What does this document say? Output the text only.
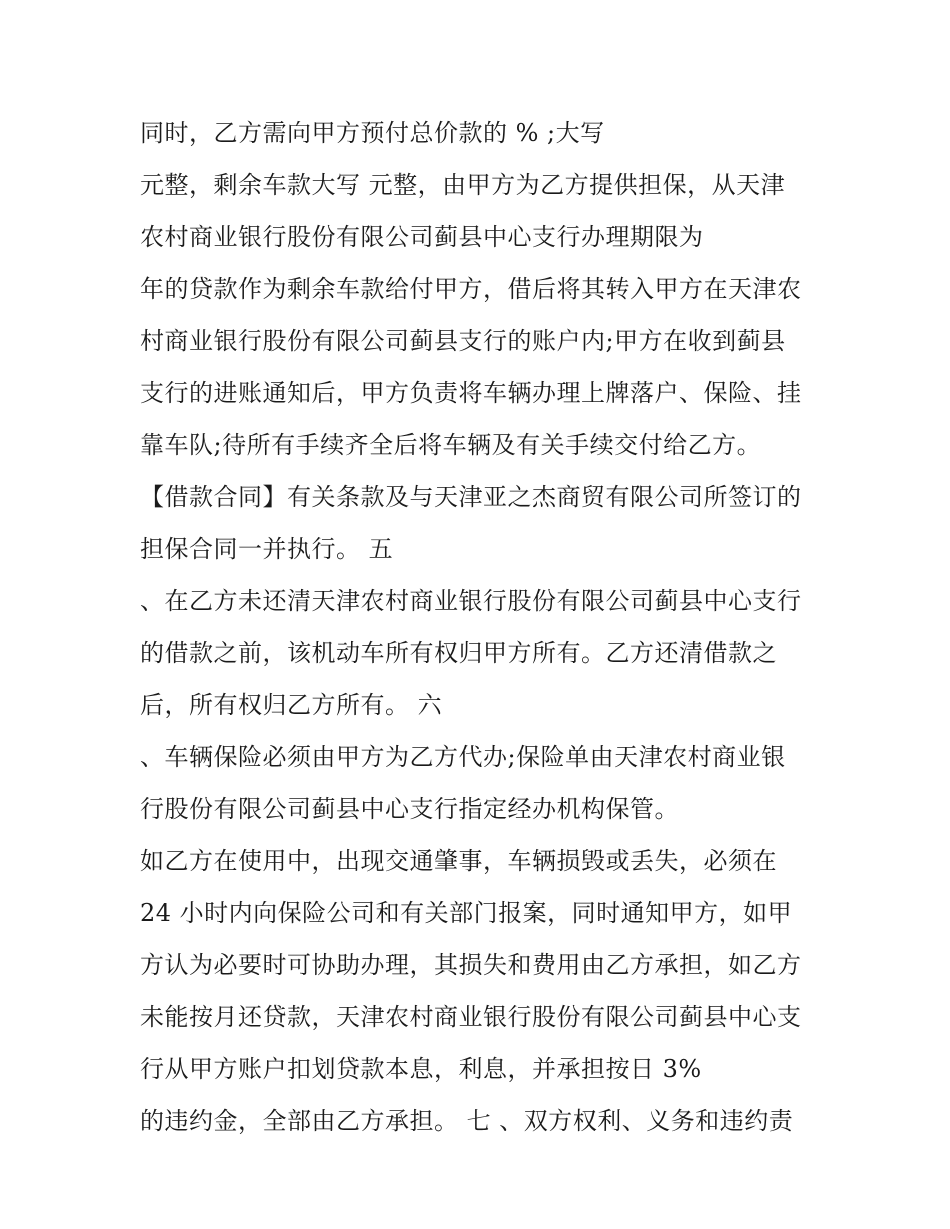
同时，乙方需向甲方预付总价款的 % ;大写
元整，剩余车款大写 元整，由甲方为乙方提供担保，从天津
农村商业银行股份有限公司蓟县中心支行办理期限为
年的贷款作为剩余车款给付甲方，借后将其转入甲方在天津农
村商业银行股份有限公司蓟县支行的账户内;甲方在收到蓟县
支行的进账通知后，甲方负责将车辆办理上牌落户、保险、挂
靠车队;待所有手续齐全后将车辆及有关手续交付给乙方。
【借款合同】有关条款及与天津亚之杰商贸有限公司所签订的
担保合同一并执行。 五
、在乙方未还清天津农村商业银行股份有限公司蓟县中心支行
的借款之前，该机动车所有权归甲方所有。乙方还清借款之
后，所有权归乙方所有。 六
、车辆保险必须由甲方为乙方代办;保险单由天津农村商业银
行股份有限公司蓟县中心支行指定经办机构保管。
如乙方在使用中，出现交通肇事，车辆损毁或丢失，必须在
24 小时内向保险公司和有关部门报案，同时通知甲方，如甲
方认为必要时可协助办理，其损失和费用由乙方承担，如乙方
未能按月还贷款，天津农村商业银行股份有限公司蓟县中心支
行从甲方账户扣划贷款本息，利息，并承担按日 3%
的违约金，全部由乙方承担。 七 、双方权利、义务和违约责
